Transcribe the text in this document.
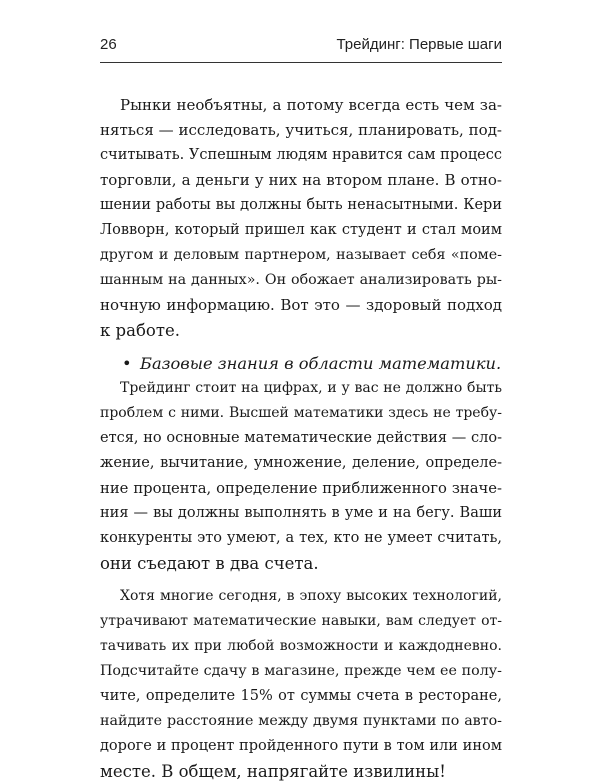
26	Трейдинг: Первые шаги
Рынки необъятны, а потому всегда есть чем за-
няться — исследовать, учиться, планировать, под-
считывать. Успешным людям нравится сам процесс
торговли, а деньги у них на втором плане. В отно-
шении работы вы должны быть ненасытными. Кери
Ловворн, который пришел как студент и стал моим
другом и деловым партнером, называет себя «поме-
шанным на данных». Он обожает анализировать ры-
ночную информацию. Вот это — здоровый подход
к работе.
• Базовые знания в области математики.
Трейдинг стоит на цифрах, и у вас не должно быть
проблем с ними. Высшей математики здесь не требу-
ется, но основные математические действия — сло-
жение, вычитание, умножение, деление, определе-
ние процента, определение приближенного значе-
ния — вы должны выполнять в уме и на бегу. Ваши
конкуренты это умеют, а тех, кто не умеет считать,
они съедают в два счета.
Хотя многие сегодня, в эпоху высоких технологий,
утрачивают математические навыки, вам следует от-
тачивать их при любой возможности и каждодневно.
Подсчитайте сдачу в магазине, прежде чем ее полу-
чите, определите 15% от суммы счета в ресторане,
найдите расстояние между двумя пунктами по авто-
дороге и процент пройденного пути в том или ином
месте. В общем, напрягайте извилины!
